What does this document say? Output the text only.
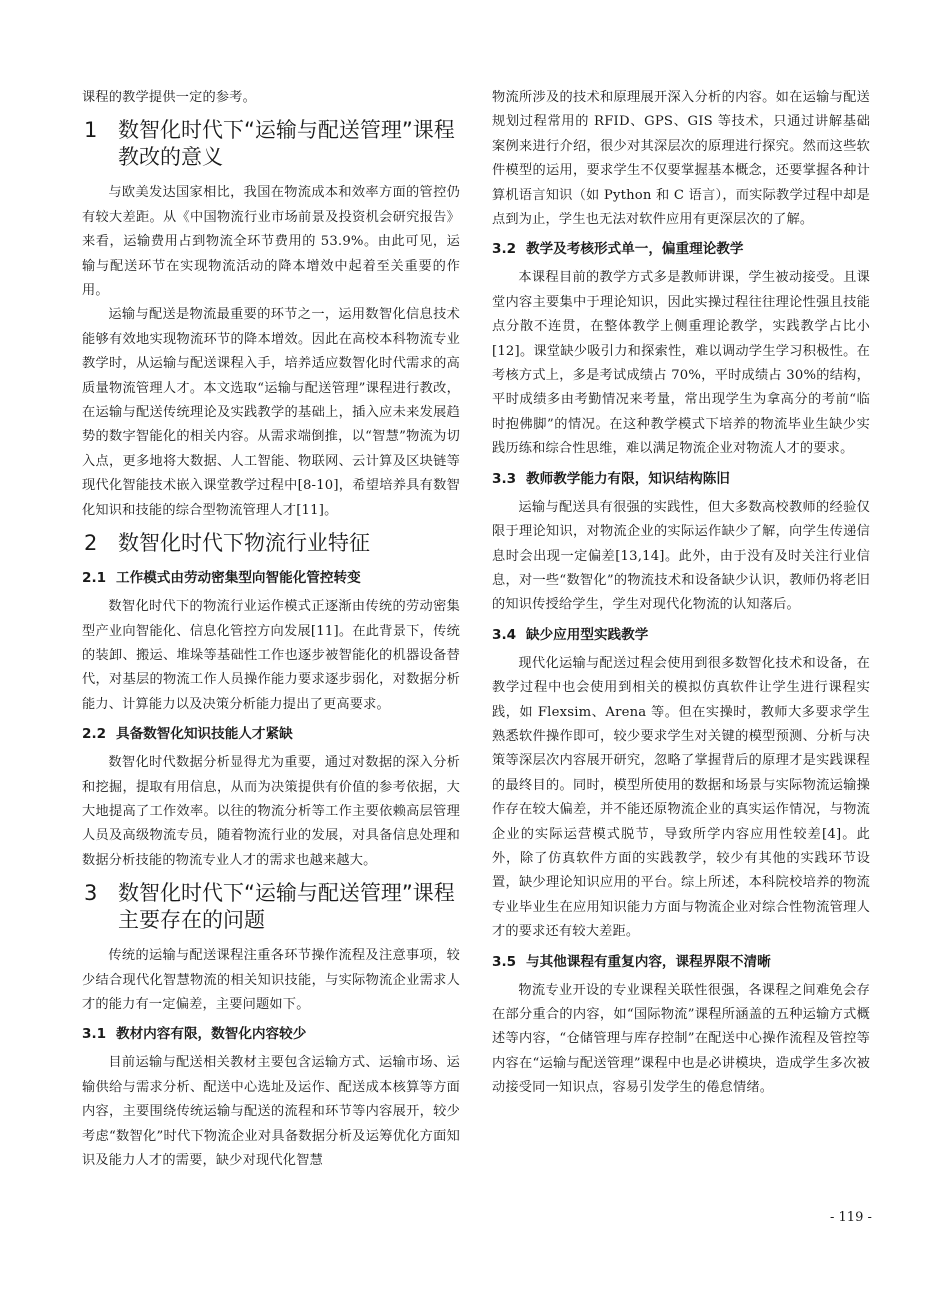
课程的教学提供一定的参考。

1 数智化时代下“运输与配送管理”课程教改的意义

与欧美发达国家相比，我国在物流成本和效率方面的管控仍有较大差距。从《中国物流行业市场前景及投资机会研究报告》来看，运输费用占到物流全环节费用的 53.9%。由此可见，运输与配送环节在实现物流活动的降本增效中起着至关重要的作用。

运输与配送是物流最重要的环节之一，运用数智化信息技术能够有效地实现物流环节的降本增效。因此在高校本科物流专业教学时，从运输与配送课程入手，培养适应数智化时代需求的高质量物流管理人才。本文选取“运输与配送管理”课程进行教改，在运输与配送传统理论及实践教学的基础上，插入应未来发展趋势的数字智能化的相关内容。从需求端倒推，以“智慧”物流为切入点，更多地将大数据、人工智能、物联网、云计算及区块链等现代化智能技术嵌入课堂教学过程中[8-10]，希望培养具有数智化知识和技能的综合型物流管理人才[11]。

2 数智化时代下物流行业特征
2.1 工作模式由劳动密集型向智能化管控转变

数智化时代下的物流行业运作模式正逐渐由传统的劳动密集型产业向智能化、信息化管控方向发展[11]。在此背景下，传统的装卸、搬运、堆垛等基础性工作也逐步被智能化的机器设备替代，对基层的物流工作人员操作能力要求逐步弱化，对数据分析能力、计算能力以及决策分析能力提出了更高要求。

2.2 具备数智化知识技能人才紧缺

数智化时代数据分析显得尤为重要，通过对数据的深入分析和挖掘，提取有用信息，从而为决策提供有价值的参考依据，大大地提高了工作效率。以往的物流分析等工作主要依赖高层管理人员及高级物流专员，随着物流行业的发展，对具备信息处理和数据分析技能的物流专业人才的需求也越来越大。

3 数智化时代下“运输与配送管理”课程主要存在的问题

传统的运输与配送课程注重各环节操作流程及注意事项，较少结合现代化智慧物流的相关知识技能，与实际物流企业需求人才的能力有一定偏差，主要问题如下。

3.1 教材内容有限，数智化内容较少

目前运输与配送相关教材主要包含运输方式、运输市场、运输供给与需求分析、配送中心选址及运作、配送成本核算等方面内容，主要围绕传统运输与配送的流程和环节等内容展开，较少考虑“数智化”时代下物流企业对具备数据分析及运筹优化方面知识及能力人才的需要，缺少对现代化智慧

物流所涉及的技术和原理展开深入分析的内容。如在运输与配送规划过程常用的 RFID、GPS、GIS 等技术，只通过讲解基础案例来进行介绍，很少对其深层次的原理进行探究。然而这些软件模型的运用，要求学生不仅要掌握基本概念，还要掌握各种计算机语言知识（如 Python 和 C 语言），而实际教学过程中却是点到为止，学生也无法对软件应用有更深层次的了解。

3.2 教学及考核形式单一，偏重理论教学

本课程目前的教学方式多是教师讲课，学生被动接受。且课堂内容主要集中于理论知识，因此实操过程往往理论性强且技能点分散不连贯，在整体教学上侧重理论教学，实践教学占比小[12]。课堂缺少吸引力和探索性，难以调动学生学习积极性。在考核方式上，多是考试成绩占 70%，平时成绩占 30%的结构，平时成绩多由考勤情况来考量，常出现学生为拿高分的考前“临时抱佛脚”的情况。在这种教学模式下培养的物流毕业生缺少实践历练和综合性思维，难以满足物流企业对物流人才的要求。

3.3 教师教学能力有限，知识结构陈旧

运输与配送具有很强的实践性，但大多数高校教师的经验仅限于理论知识，对物流企业的实际运作缺少了解，向学生传递信息时会出现一定偏差[13,14]。此外，由于没有及时关注行业信息，对一些“数智化”的物流技术和设备缺少认识，教师仍将老旧的知识传授给学生，学生对现代化物流的认知落后。

3.4 缺少应用型实践教学

现代化运输与配送过程会使用到很多数智化技术和设备，在教学过程中也会使用到相关的模拟仿真软件让学生进行课程实践，如 Flexsim、Arena 等。但在实操时，教师大多要求学生熟悉软件操作即可，较少要求学生对关键的模型预测、分析与决策等深层次内容展开研究，忽略了掌握背后的原理才是实践课程的最终目的。同时，模型所使用的数据和场景与实际物流运输操作存在较大偏差，并不能还原物流企业的真实运作情况，与物流企业的实际运营模式脱节，导致所学内容应用性较差[4]。此外，除了仿真软件方面的实践教学，较少有其他的实践环节设置，缺少理论知识应用的平台。综上所述，本科院校培养的物流专业毕业生在应用知识能力方面与物流企业对综合性物流管理人才的要求还有较大差距。

3.5 与其他课程有重复内容，课程界限不清晰

物流专业开设的专业课程关联性很强，各课程之间难免会存在部分重合的内容，如“国际物流”课程所涵盖的五种运输方式概述等内容，“仓储管理与库存控制”在配送中心操作流程及管控等内容在“运输与配送管理”课程中也是必讲模块，造成学生多次被动接受同一知识点，容易引发学生的倦怠情绪。

- 119 -
